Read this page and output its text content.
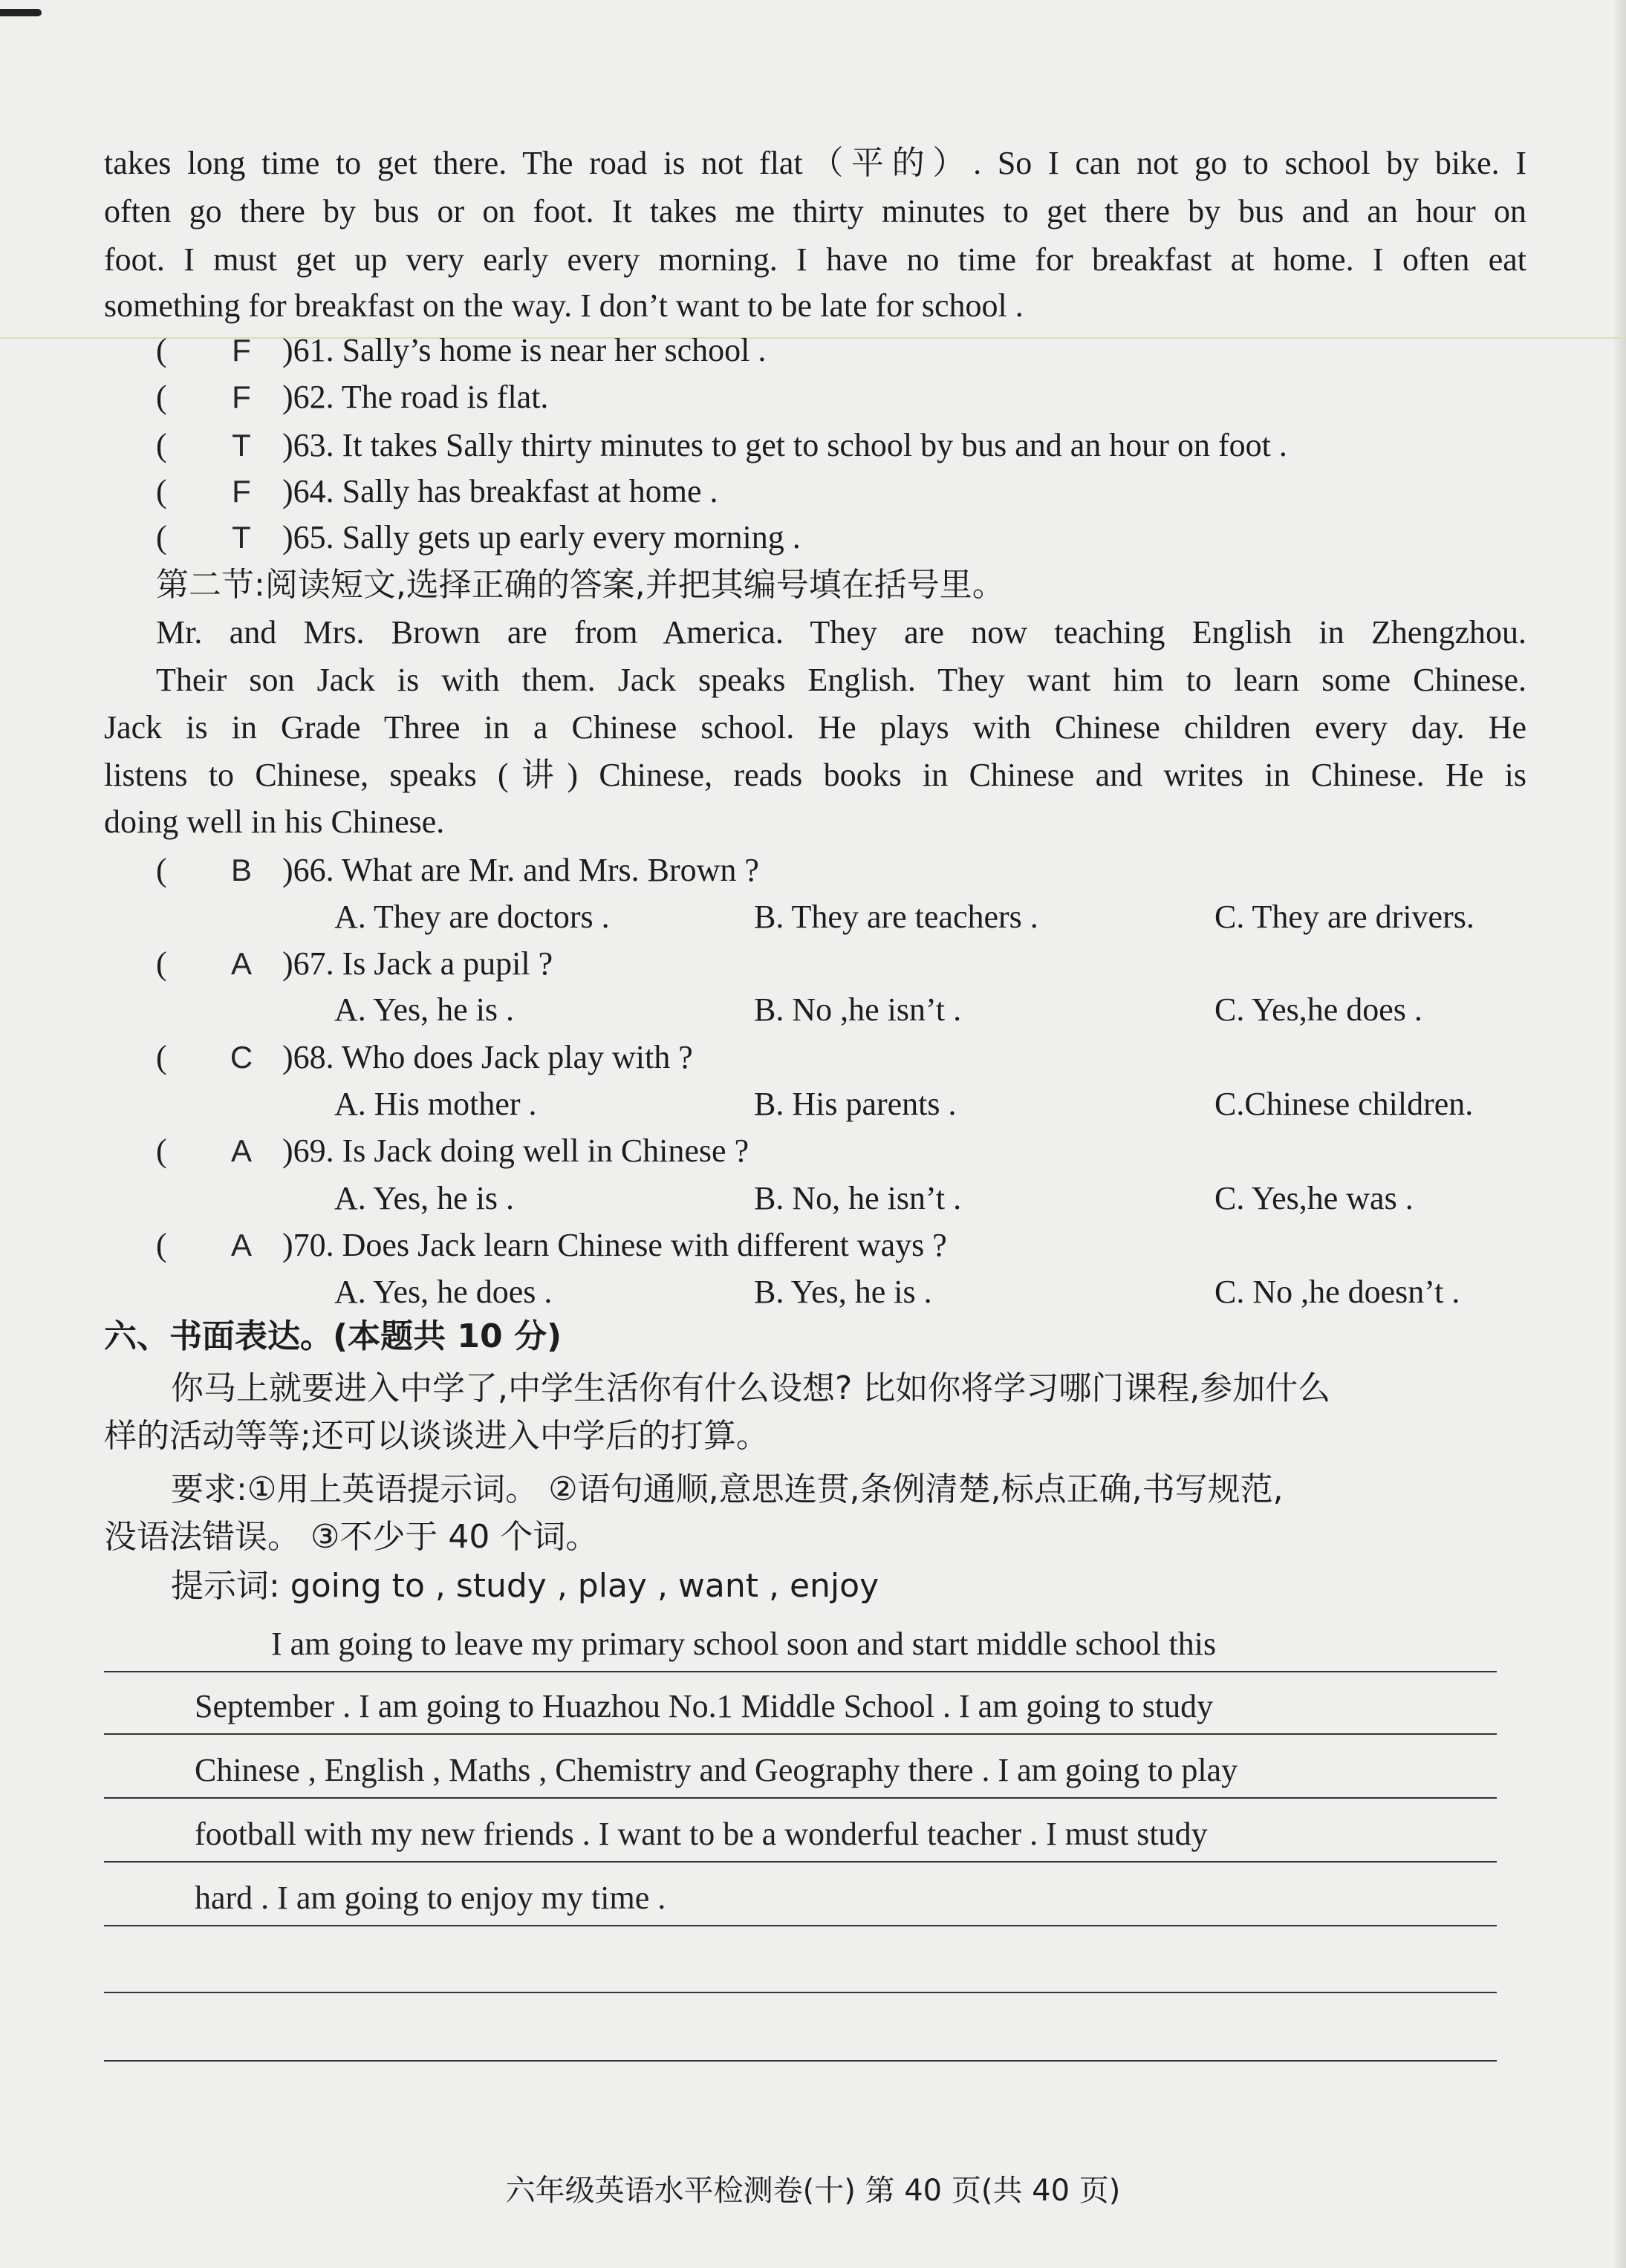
takes long time to get there. The road is not flat（平的）. So I can not go to school by bike. I
often go there by bus or on foot. It takes me thirty minutes to get there by bus and an hour on
foot. I must get up very early every morning. I have no time for breakfast at home. I often eat
something for breakfast on the way. I don’t want to be late for school .
( F )61. Sally’s home is near her school .
( F )62. The road is flat.
( T )63. It takes Sally thirty minutes to get to school by bus and an hour on foot .
( F )64. Sally has breakfast at home .
( T )65. Sally gets up early every morning .
第二节:阅读短文,选择正确的答案,并把其编号填在括号里。
Mr. and Mrs. Brown are from America. They are now teaching English in Zhengzhou.
Their son Jack is with them. Jack speaks English. They want him to learn some Chinese.
Jack is in Grade Three in a Chinese school. He plays with Chinese children every day. He
listens to Chinese, speaks (讲) Chinese, reads books in Chinese and writes in Chinese. He is
doing well in his Chinese.
( B )66. What are Mr. and Mrs. Brown ?
A. They are doctors .	B. They are teachers .	C. They are drivers.
( A )67. Is Jack a pupil ?
A. Yes, he is .	B. No ,he isn’t .	C. Yes,he does .
( C )68. Who does Jack play with ?
A. His mother .	B. His parents .	C.Chinese children.
( A )69. Is Jack doing well in Chinese ?
A. Yes, he is .	B. No, he isn’t .	C. Yes,he was .
( A )70. Does Jack learn Chinese with different ways ?
A. Yes, he does .	B. Yes, he is .	C. No ,he doesn’t .
六、书面表达。(本题共 10 分)
你马上就要进入中学了,中学生活你有什么设想? 比如你将学习哪门课程,参加什么
样的活动等等;还可以谈谈进入中学后的打算。
要求:①用上英语提示词。 ②语句通顺,意思连贯,条例清楚,标点正确,书写规范,
没语法错误。 ③不少于 40 个词。
提示词: going to , study , play , want , enjoy
I am going to leave my primary school soon and start middle school this
September . I am going to Huazhou No.1 Middle School . I am going to study
Chinese , English , Maths , Chemistry and Geography there . I am going to play
football with my new friends . I want to be a wonderful teacher . I must study
hard . I am going to enjoy my time .
六年级英语水平检测卷(十) 第 40 页(共 40 页)
